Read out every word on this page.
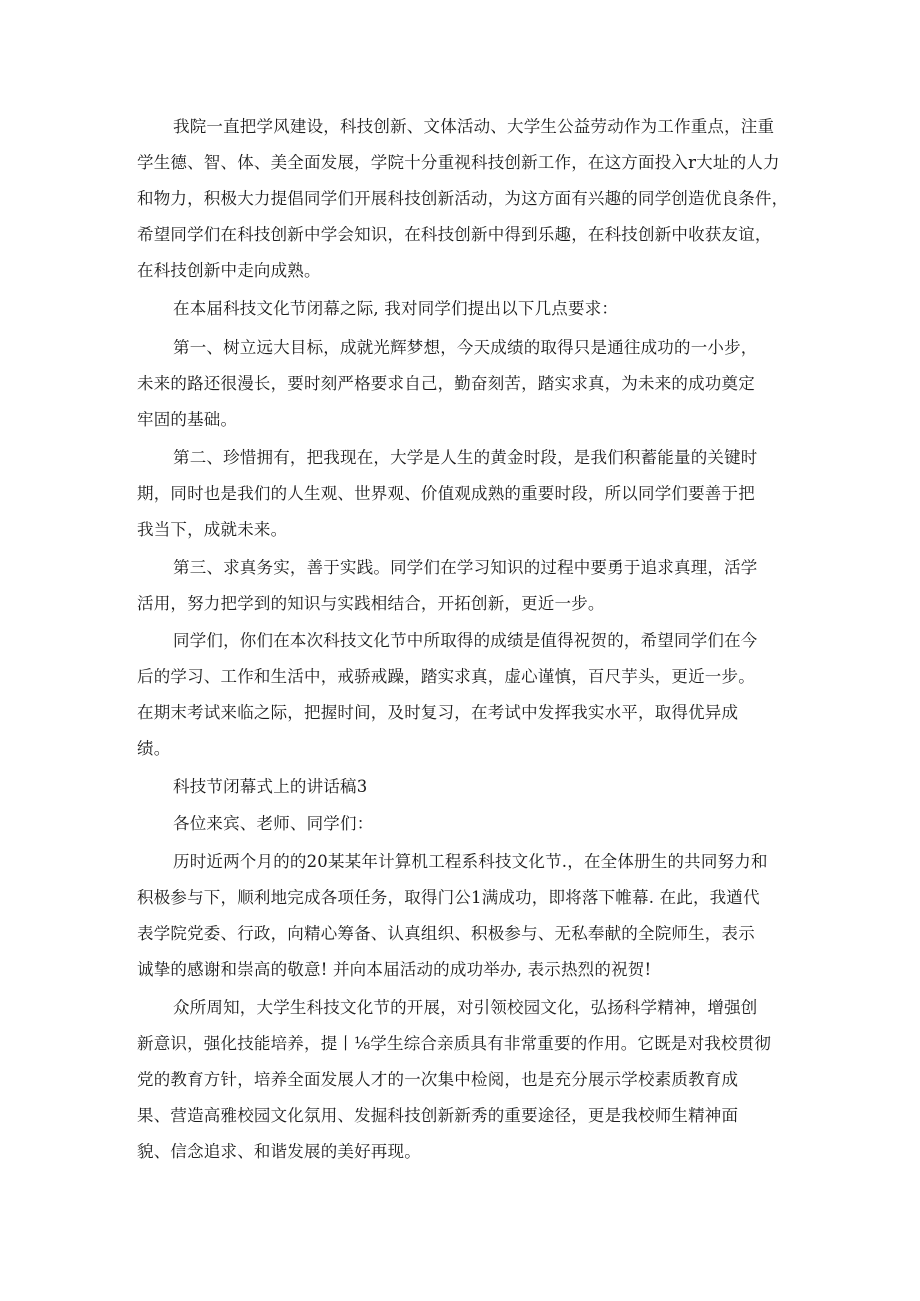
我院一直把学风建设，科技创新、文体活动、大学生公益劳动作为工作重点，注重
学生德、智、体、美全面发展，学院十分重视科技创新工作，在这方面投入r大址的人力
和物力，积极大力提倡同学们开展科技创新活动，为这方面有兴趣的同学创造优良条件，
希望同学们在科技创新中学会知识，在科技创新中得到乐趣，在科技创新中收获友谊，
在科技创新中走向成熟。
在本届科技文化节闭幕之际, 我对同学们提出以下几点要求：
第一、树立远大目标，成就光辉梦想，今天成绩的取得只是通往成功的一小步，
未来的路还很漫长，要时刻严格要求自己，勤奋刻苦，踏实求真，为未来的成功奠定
牢固的基础。
第二、珍惜拥有，把我现在，大学是人生的黄金时段，是我们积蓄能量的关键时
期，同时也是我们的人生观、世界观、价值观成熟的重要时段，所以同学们要善于把
我当下，成就未来。
第三、求真务实，善于实践。同学们在学习知识的过程中要勇于追求真理，活学
活用，努力把学到的知识与实践相结合，开拓创新，更近一步。
同学们，你们在本次科技文化节中所取得的成绩是值得祝贺的，希望同学们在今
后的学习、工作和生活中，戒骄戒躁，踏实求真，虚心谨慎，百尺芋头，更近一步。
在期末考试来临之际，把握时间，及时复习，在考试中发挥我实水平，取得优异成
绩。
科技节闭幕式上的讲话稿3
各位来宾、老师、同学们：
历时近两个月的的20某某年计算机工程系科技文化节.，在全体册生的共同努力和
积极参与下，顺利地完成各项任务，取得门公1满成功，即将落下帷幕. 在此，我遒代
表学院党委、行政，向精心筹备、认真组织、积极参与、无私奉献的全院师生，表示
诚挚的感谢和崇高的敬意! 并向本届活动的成功举办, 表示热烈的祝贺!
众所周知，大学生科技文化节的开展，对引领校园文化，弘扬科学精神，增强创
新意识，强化技能培养，提丨⅛学生综合亲质具有非常重要的作用。它既是对我校贯彻
党的教育方针，培养全面发展人才的一次集中检阅，也是充分展示学校素质教育成
果、营造高雅校园文化氛用、发掘科技创新新秀的重要途径，更是我校师生精神面
貌、信念追求、和谐发展的美好再现。
